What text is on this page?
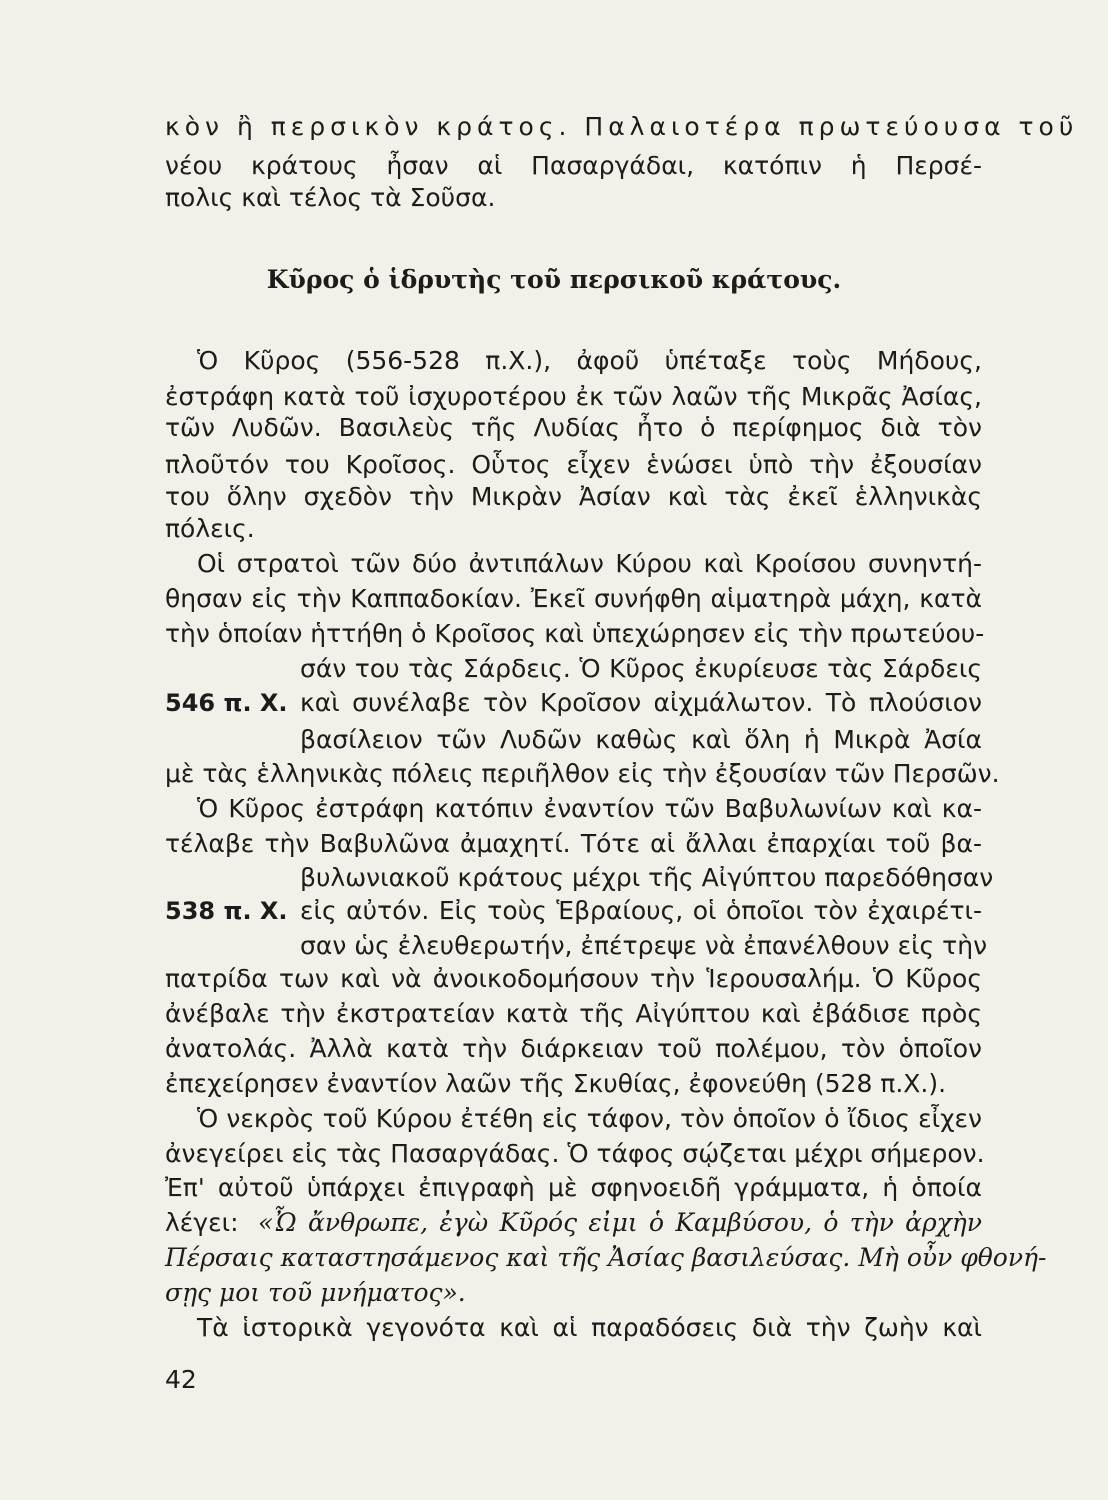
κὸν ἢ περσικὸν κράτος. Παλαιοτέρα πρωτεύουσα τοῦ
νέου κράτους ἦσαν αἱ Πασαργάδαι, κατόπιν ἡ Περσέ-
πολις καὶ τέλος τὰ Σοῦσα.
Κῦρος ὁ ἱδρυτὴς τοῦ περσικοῦ κράτους.
Ὁ Κῦρος (556-528 π.Χ.), ἀφοῦ ὑπέταξε τοὺς Μήδους,
ἐστράφη κατὰ τοῦ ἰσχυροτέρου ἐκ τῶν λαῶν τῆς Μικρᾶς Ἀσίας,
τῶν Λυδῶν. Βασιλεὺς τῆς Λυδίας ἦτο ὁ περίφημος διὰ τὸν
πλοῦτόν του Κροῖσος. Οὗτος εἶχεν ἑνώσει ὑπὸ τὴν ἐξουσίαν
του ὅλην σχεδὸν τὴν Μικρὰν Ἀσίαν καὶ τὰς ἐκεῖ ἑλληνικὰς
πόλεις.
Οἱ στρατοὶ τῶν δύο ἀντιπάλων Κύρου καὶ Κροίσου συνηντή-
θησαν εἰς τὴν Καππαδοκίαν. Ἐκεῖ συνήφθη αἱματηρὰ μάχη, κατὰ
τὴν ὁποίαν ἡττήθη ὁ Κροῖσος καὶ ὑπεχώρησεν εἰς τὴν πρωτεύου-
σάν του τὰς Σάρδεις. Ὁ Κῦρος ἐκυρίευσε τὰς Σάρδεις
546 π. Χ. καὶ συνέλαβε τὸν Κροῖσον αἰχμάλωτον. Τὸ πλούσιον
βασίλειον τῶν Λυδῶν καθὼς καὶ ὅλη ἡ Μικρὰ Ἀσία
μὲ τὰς ἑλληνικὰς πόλεις περιῆλθον εἰς τὴν ἐξουσίαν τῶν Περσῶν.
Ὁ Κῦρος ἐστράφη κατόπιν ἐναντίον τῶν Βαβυλωνίων καὶ κα-
τέλαβε τὴν Βαβυλῶνα ἀμαχητί. Τότε αἱ ἄλλαι ἐπαρχίαι τοῦ βα-
βυλωνιακοῦ κράτους μέχρι τῆς Αἰγύπτου παρεδόθησαν
538 π. Χ. εἰς αὐτόν. Εἰς τοὺς Ἑβραίους, οἱ ὁποῖοι τὸν ἐχαιρέτι-
σαν ὡς ἐλευθερωτήν, ἐπέτρεψε νὰ ἐπανέλθουν εἰς τὴν
πατρίδα των καὶ νὰ ἀνοικοδομήσουν τὴν Ἱερουσαλήμ. Ὁ Κῦρος
ἀνέβαλε τὴν ἐκστρατείαν κατὰ τῆς Αἰγύπτου καὶ ἐβάδισε πρὸς
ἀνατολάς. Ἀλλὰ κατὰ τὴν διάρκειαν τοῦ πολέμου, τὸν ὁποῖον
ἐπεχείρησεν ἐναντίον λαῶν τῆς Σκυθίας, ἐφονεύθη (528 π.Χ.).
Ὁ νεκρὸς τοῦ Κύρου ἐτέθη εἰς τάφον, τὸν ὁποῖον ὁ ἴδιος εἶχεν
ἀνεγείρει εἰς τὰς Πασαργάδας. Ὁ τάφος σῴζεται μέχρι σήμερον.
Ἐπ' αὐτοῦ ὑπάρχει ἐπιγραφὴ μὲ σφηνοειδῆ γράμματα, ἡ ὁποία
λέγει: «Ὦ ἄνθρωπε, ἐγὼ Κῦρός εἰμι ὁ Καμβύσου, ὁ τὴν ἀρχὴν
Πέρσαις καταστησάμενος καὶ τῆς Ἀσίας βασιλεύσας. Μὴ οὖν φθονή-
σῃς μοι τοῦ μνήματος».
Τὰ ἱστορικὰ γεγονότα καὶ αἱ παραδόσεις διὰ τὴν ζωὴν καὶ
42
